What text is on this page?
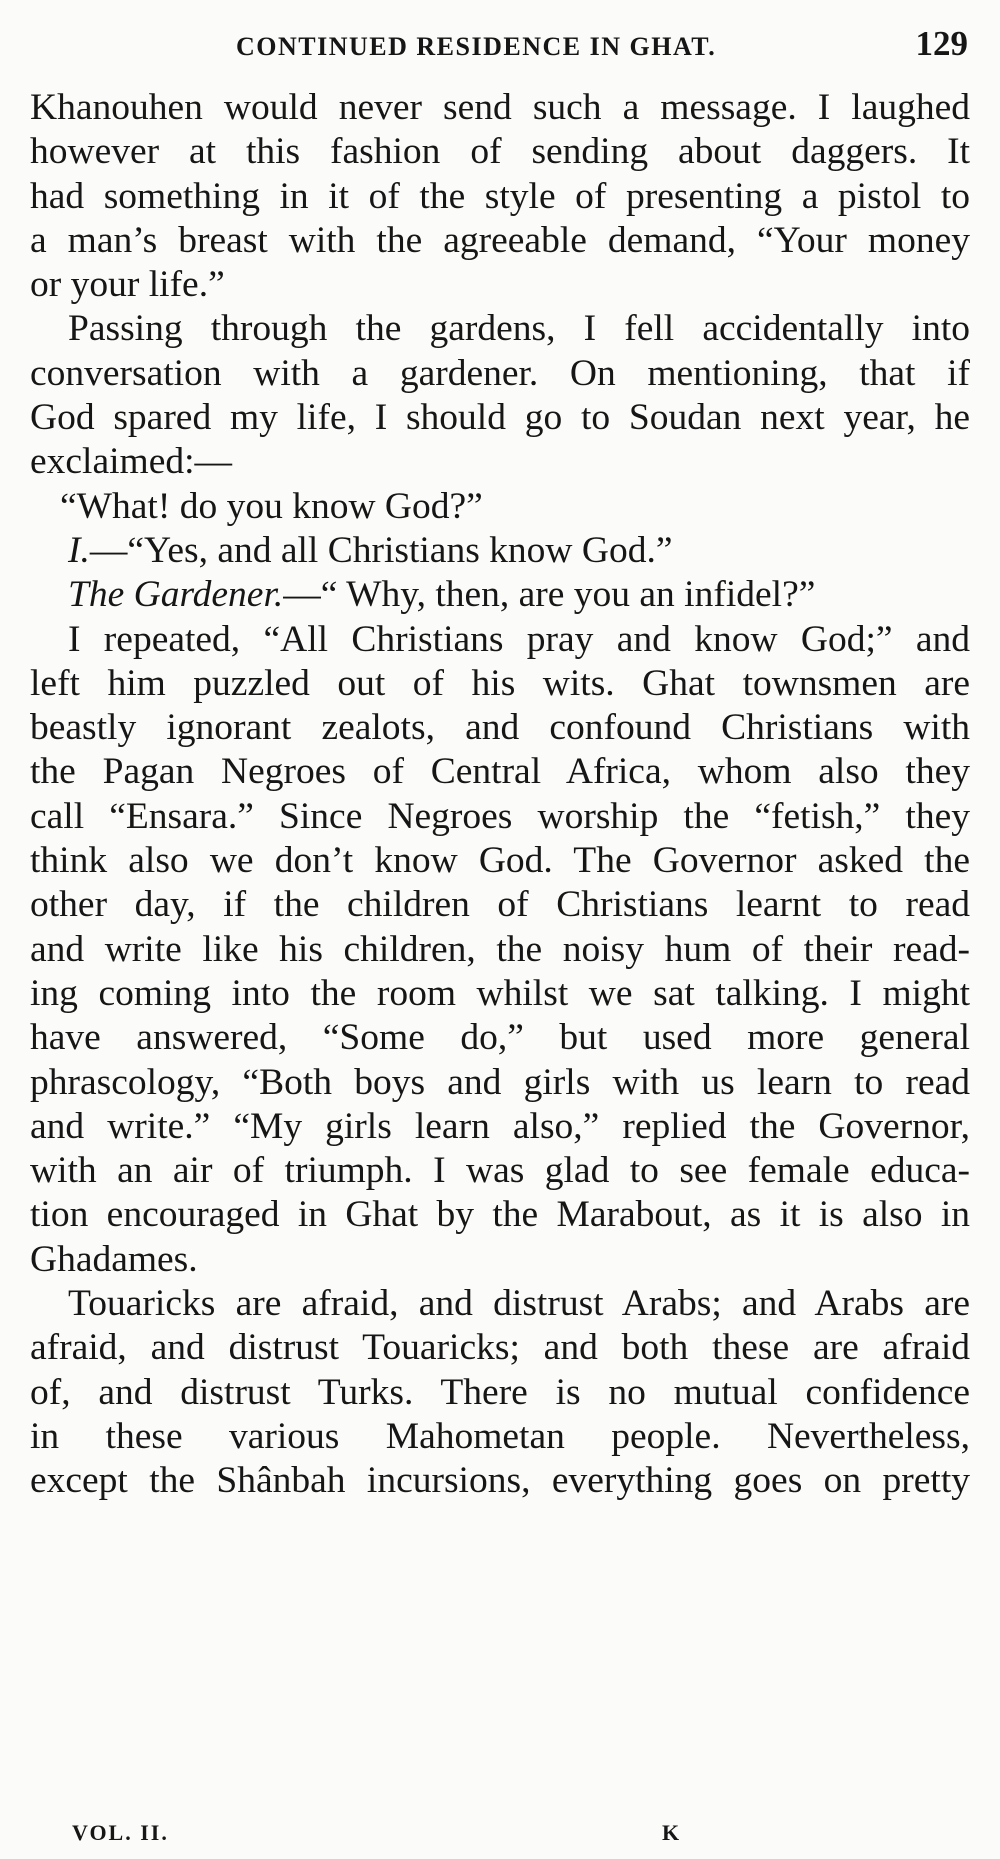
CONTINUED RESIDENCE IN GHAT.	129
Khanouhen would never send such a message. I laughed
however at this fashion of sending about daggers. It
had something in it of the style of presenting a pistol to
a man’s breast with the agreeable demand, “Your money
or your life.”
Passing through the gardens, I fell accidentally into
conversation with a gardener. On mentioning, that if
God spared my life, I should go to Soudan next year, he
exclaimed:—
“What! do you know God?”
I.—“Yes, and all Christians know God.”
The Gardener.—“ Why, then, are you an infidel?”
I repeated, “All Christians pray and know God;” and
left him puzzled out of his wits. Ghat townsmen are
beastly ignorant zealots, and confound Christians with
the Pagan Negroes of Central Africa, whom also they
call “Ensara.” Since Negroes worship the “fetish,” they
think also we don’t know God. The Governor asked the
other day, if the children of Christians learnt to read
and write like his children, the noisy hum of their read-
ing coming into the room whilst we sat talking. I might
have answered, “Some do,” but used more general
phrascology, “Both boys and girls with us learn to read
and write.” “My girls learn also,” replied the Governor,
with an air of triumph. I was glad to see female educa-
tion encouraged in Ghat by the Marabout, as it is also in
Ghadames.
Touaricks are afraid, and distrust Arabs; and Arabs are
afraid, and distrust Touaricks; and both these are afraid
of, and distrust Turks. There is no mutual confidence
in these various Mahometan people. Nevertheless,
except the Shânbah incursions, everything goes on pretty
VOL. II.	K
